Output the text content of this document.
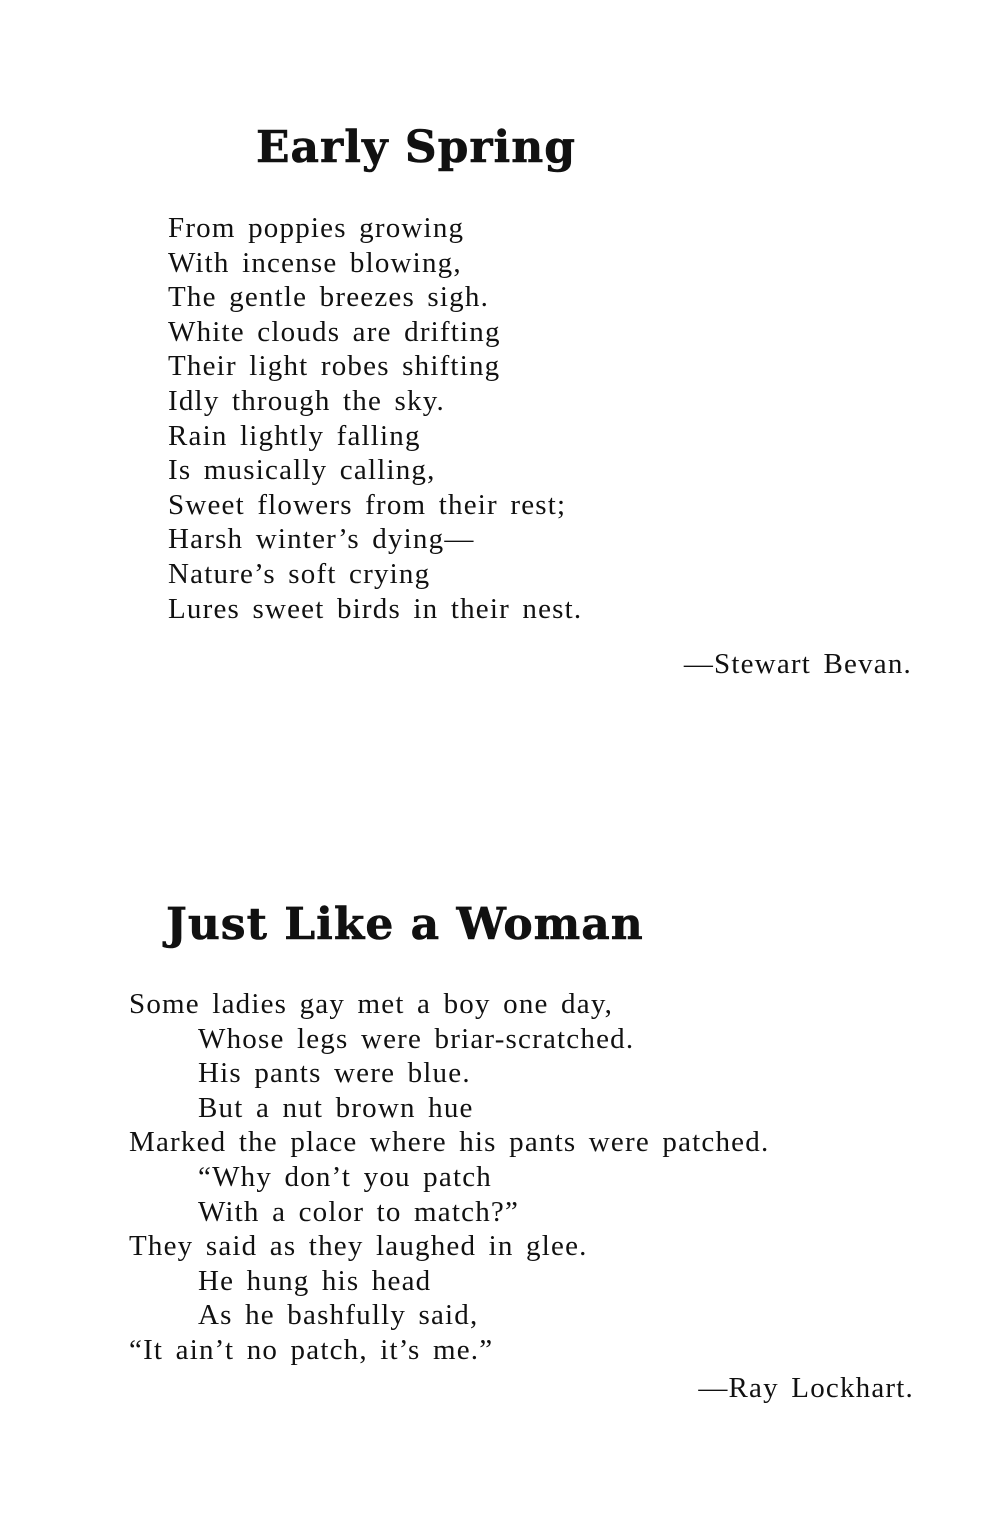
Early Spring
From poppies growing
With incense blowing,
The gentle breezes sigh.
White clouds are drifting
Their light robes shifting
Idly through the sky.
Rain lightly falling
Is musically calling,
Sweet flowers from their rest;
Harsh winter’s dying—
Nature’s soft crying
Lures sweet birds in their nest.

—Stewart Bevan.

Just Like a Woman
Some ladies gay met a boy one day,
Whose legs were briar-scratched.
His pants were blue.
But a nut brown hue
Marked the place where his pants were patched.
“Why don’t you patch
With a color to match?”
They said as they laughed in glee.
He hung his head
As he bashfully said,
“It ain’t no patch, it’s me.”

—Ray Lockhart.
